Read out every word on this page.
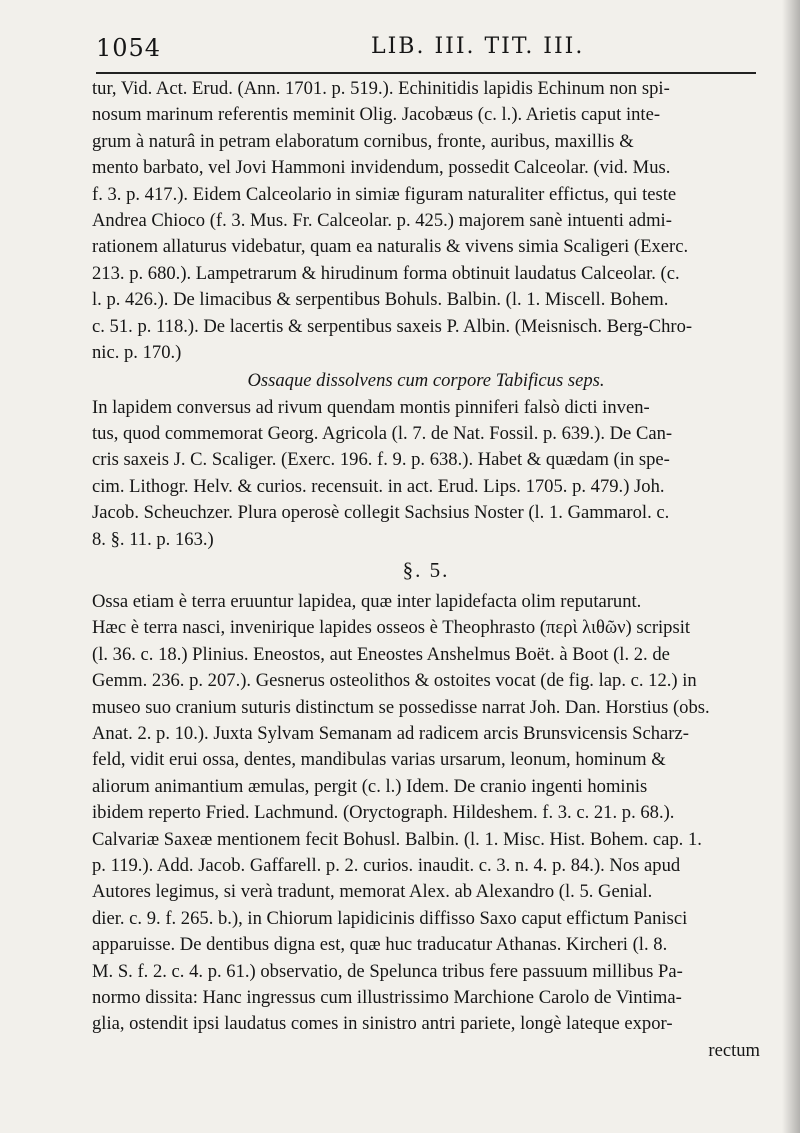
1054	LIB. III. TIT. III.
tur, Vid. Act. Erud. (Ann. 1701. p. 519.). Echinitidis lapidis Echinum non spi-
nosum marinum referentis meminit Olig. Jacobæus (c. l.). Arietis caput inte-
grum à naturâ in petram elaboratum cornibus, fronte, auribus, maxillis &
mento barbato, vel Jovi Hammoni invidendum, possedit Calceolar. (vid. Mus.
f. 3. p. 417.). Eidem Calceolario in simiæ figuram naturaliter effictus, qui teste
Andrea Chioco (f. 3. Mus. Fr. Calceolar. p. 425.) majorem sanè intuenti admi-
rationem allaturus videbatur, quam ea naturalis & vivens simia Scaligeri (Exerc.
213. p. 680.). Lampetrarum & hirudinum forma obtinuit laudatus Calceolar. (c.
l. p. 426.). De limacibus & serpentibus Bohuls. Balbin. (l. 1. Miscell. Bohem.
c. 51. p. 118.). De lacertis & serpentibus saxeis P. Albin. (Meisnisch. Berg-Chro-
nic. p. 170.)
Ossaque dissolvens cum corpore Tabificus seps.
In lapidem conversus ad rivum quendam montis pinniferi falsò dicti inven-
tus, quod commemorat Georg. Agricola (l. 7. de Nat. Fossil. p. 639.). De Can-
cris saxeis J. C. Scaliger. (Exerc. 196. f. 9. p. 638.). Habet & quædam (in spe-
cim. Lithogr. Helv. & curios. recensuit. in act. Erud. Lips. 1705. p. 479.) Joh.
Jacob. Scheuchzer. Plura operosè collegit Sachsius Noster (l. 1. Gammarol. c.
8. §. 11. p. 163.)
§. 5.
Ossa etiam è terra eruuntur lapidea, quæ inter lapidefacta olim reputarunt.
Hæc è terra nasci, invenirique lapides osseos è Theophrasto (περὶ λιθῶν) scripsit
(l. 36. c. 18.) Plinius. Eneostos, aut Eneostes Anshelmus Boët. à Boot (l. 2. de
Gemm. 236. p. 207.). Gesnerus osteolithos & ostoites vocat (de fig. lap. c. 12.) in
museo suo cranium suturis distinctum se possedisse narrat Joh. Dan. Horstius (obs.
Anat. 2. p. 10.). Juxta Sylvam Semanam ad radicem arcis Brunsvicensis Scharz-
feld, vidit erui ossa, dentes, mandibulas varias ursarum, leonum, hominum &
aliorum animantium æmulas, pergit (c. l.) Idem. De cranio ingenti hominis
ibidem reperto Fried. Lachmund. (Oryctograph. Hildeshem. f. 3. c. 21. p. 68.).
Calvariæ Saxeæ mentionem fecit Bohusl. Balbin. (l. 1. Misc. Hist. Bohem. cap. 1.
p. 119.). Add. Jacob. Gaffarell. p. 2. curios. inaudit. c. 3. n. 4. p. 84.). Nos apud
Autores legimus, si verà tradunt, memorat Alex. ab Alexandro (l. 5. Genial.
dier. c. 9. f. 265. b.), in Chiorum lapidicinis diffisso Saxo caput effictum Panisci
apparuisse. De dentibus digna est, quæ huc traducatur Athanas. Kircheri (l. 8.
M. S. f. 2. c. 4. p. 61.) observatio, de Spelunca tribus fere passuum millibus Pa-
normo dissita: Hanc ingressus cum illustrissimo Marchione Carolo de Vintima-
glia, ostendit ipsi laudatus comes in sinistro antri pariete, longè lateque expor-
rectum
